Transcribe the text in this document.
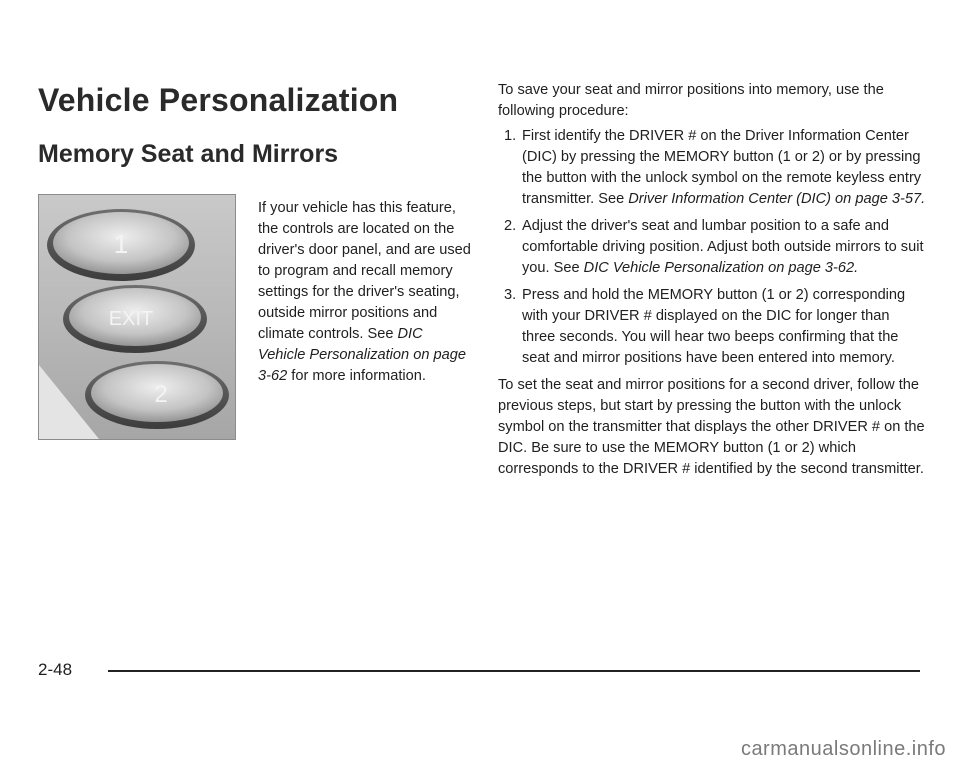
Vehicle Personalization
Memory Seat and Mirrors
1
EXIT
2

If your vehicle has this feature, the controls are located on the driver's door panel, and are used to program and recall memory settings for the driver's seating, outside mirror positions and climate controls. See DIC Vehicle Personalization on page 3-62 for more information.

To save your seat and mirror positions into memory, use the following procedure:

1. First identify the DRIVER # on the Driver Information Center (DIC) by pressing the MEMORY button (1 or 2) or by pressing the button with the unlock symbol on the remote keyless entry transmitter. See Driver Information Center (DIC) on page 3-57.
2. Adjust the driver's seat and lumbar position to a safe and comfortable driving position. Adjust both outside mirrors to suit you. See DIC Vehicle Personalization on page 3-62.
3. Press and hold the MEMORY button (1 or 2) corresponding with your DRIVER # displayed on the DIC for longer than three seconds. You will hear two beeps confirming that the seat and mirror positions have been entered into memory.

To set the seat and mirror positions for a second driver, follow the previous steps, but start by pressing the button with the unlock symbol on the transmitter that displays the other DRIVER # on the DIC. Be sure to use the MEMORY button (1 or 2) which corresponds to the DRIVER # identified by the second transmitter.

2-48

carmanualsonline.info
